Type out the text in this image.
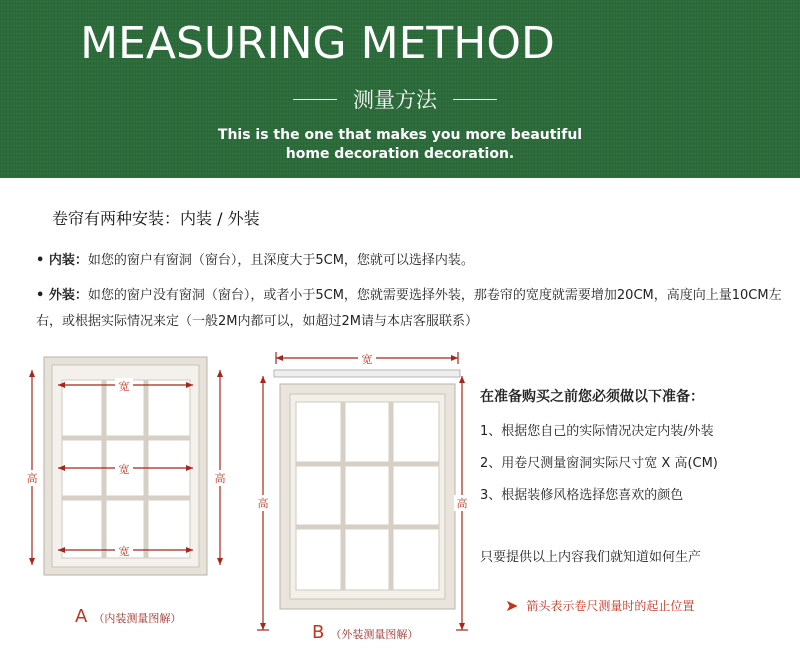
MEASURING METHOD
测量方法
This is the one that makes you more beautiful
home decoration decoration.
卷帘有两种安装：内装 / 外装
• 内装：如您的窗户有窗洞（窗台），且深度大于5CM，您就可以选择内装。
• 外装：如您的窗户没有窗洞（窗台），或者小于5CM，您就需要选择外装，那卷帘的宽度就需要增加20CM，高度向上量10CM左右，或根据实际情况来定（一般2M内都可以，如超过2M请与本店客服联系）
宽
宽
宽
高	高
A （内装测量图解）
宽
高	高
B （外装测量图解）
在准备购买之前您必须做以下准备：
1、根据您自己的实际情况决定内装/外装
2、用卷尺测量窗洞实际尺寸宽 X 高(CM)
3、根据装修风格选择您喜欢的颜色
只要提供以上内容我们就知道如何生产
➤ 箭头表示卷尺测量时的起止位置
